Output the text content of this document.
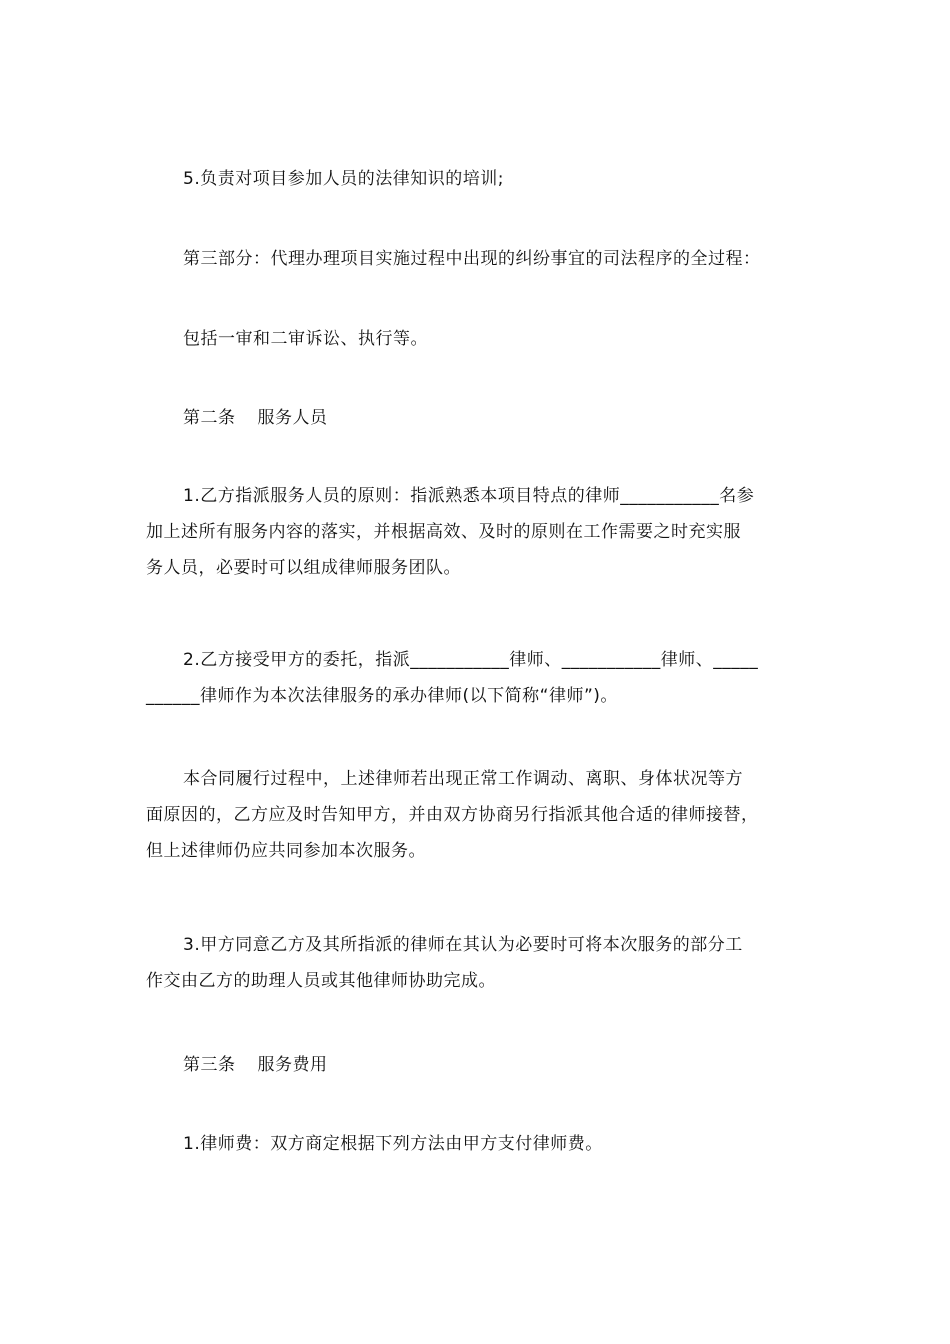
5.负责对项目参加人员的法律知识的培训;

第三部分：代理办理项目实施过程中出现的纠纷事宜的司法程序的全过程：

包括一审和二审诉讼、执行等。

第二条 服务人员

1.乙方指派服务人员的原则：指派熟悉本项目特点的律师___________名参
加上述所有服务内容的落实，并根据高效、及时的原则在工作需要之时充实服
务人员，必要时可以组成律师服务团队。

2.乙方接受甲方的委托，指派___________律师、___________律师、_____
______律师作为本次法律服务的承办律师(以下简称“律师”)。

本合同履行过程中，上述律师若出现正常工作调动、离职、身体状况等方
面原因的，乙方应及时告知甲方，并由双方协商另行指派其他合适的律师接替，
但上述律师仍应共同参加本次服务。

3.甲方同意乙方及其所指派的律师在其认为必要时可将本次服务的部分工
作交由乙方的助理人员或其他律师协助完成。

第三条 服务费用

1.律师费：双方商定根据下列方法由甲方支付律师费。
